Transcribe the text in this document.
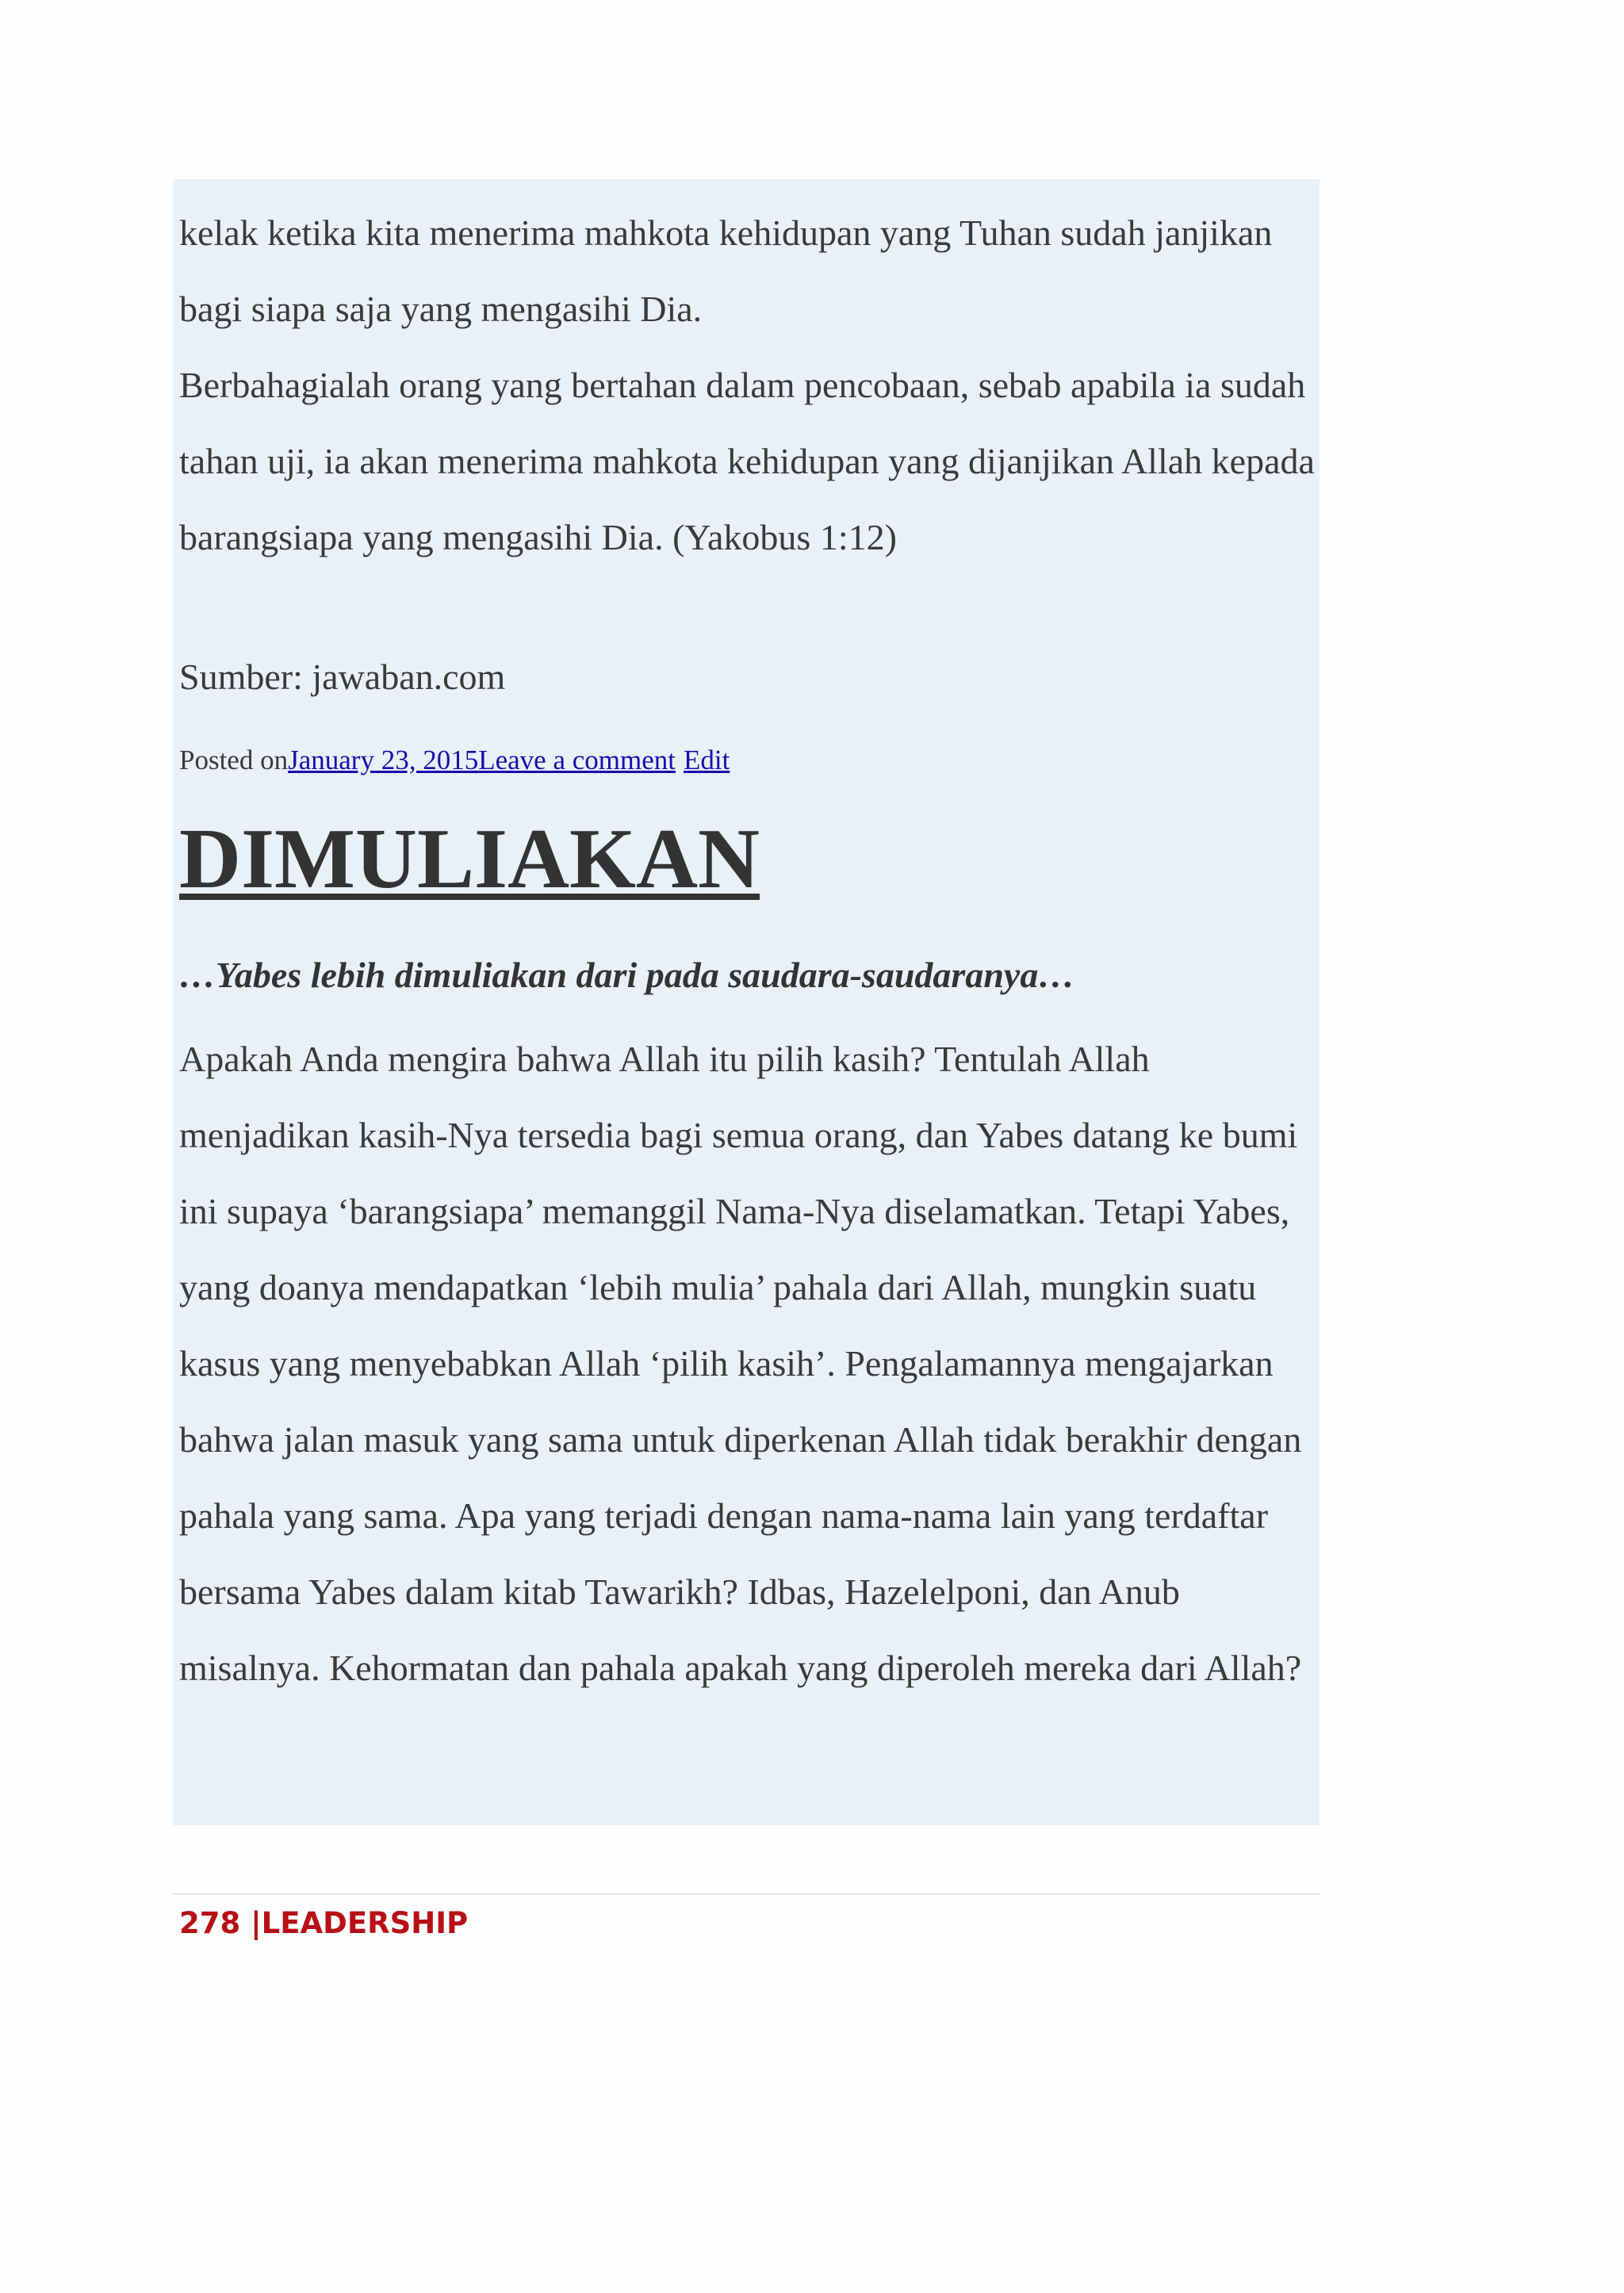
kelak ketika kita menerima mahkota kehidupan yang Tuhan sudah janjikan bagi siapa saja yang mengasihi Dia.

Berbahagialah orang yang bertahan dalam pencobaan, sebab apabila ia sudah tahan uji, ia akan menerima mahkota kehidupan yang dijanjikan Allah kepada barangsiapa yang mengasihi Dia. (Yakobus 1:12)

Sumber: jawaban.com

Posted onJanuary 23, 2015Leave a comment Edit

DIMULIAKAN

…Yabes lebih dimuliakan dari pada saudara-saudaranya…

Apakah Anda mengira bahwa Allah itu pilih kasih? Tentulah Allah menjadikan kasih-Nya tersedia bagi semua orang, dan Yabes datang ke bumi ini supaya ‘barangsiapa’ memanggil Nama-Nya diselamatkan. Tetapi Yabes, yang doanya mendapatkan ‘lebih mulia’ pahala dari Allah, mungkin suatu kasus yang menyebabkan Allah ‘pilih kasih’. Pengalamannya mengajarkan bahwa jalan masuk yang sama untuk diperkenan Allah tidak berakhir dengan pahala yang sama. Apa yang terjadi dengan nama-nama lain yang terdaftar bersama Yabes dalam kitab Tawarikh? Idbas, Hazelelponi, dan Anub misalnya. Kehormatan dan pahala apakah yang diperoleh mereka dari Allah?

278 |LEADERSHIP
